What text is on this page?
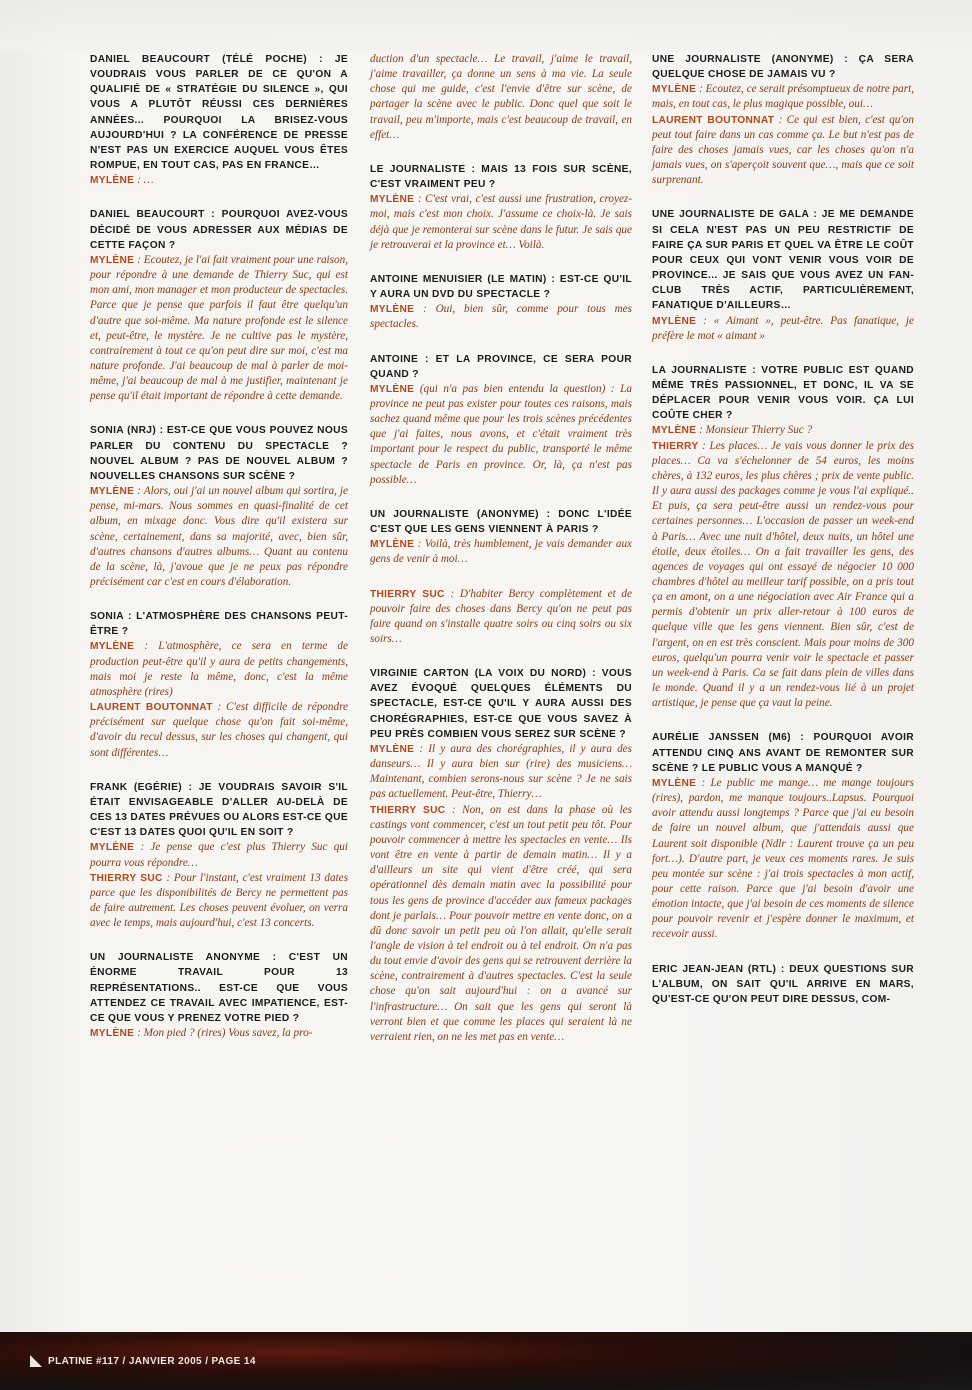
DANIEL BEAUCOURT (TÉLÉ POCHE) : JE VOUDRAIS VOUS PARLER DE CE QU'ON A QUALIFIÉ DE « STRATÉGIE DU SILENCE », QUI VOUS A PLUTÔT RÉUSSI CES DERNIÈRES ANNÉES... POURQUOI LA BRISEZ-VOUS AUJOURD'HUI ? LA CONFÉRENCE DE PRESSE N'EST PAS UN EXERCICE AUQUEL VOUS ÊTES ROMPUE, EN TOUT CAS, PAS EN FRANCE…

MYLÈNE : …

DANIEL BEAUCOURT : POURQUOI AVEZ-VOUS DÉCIDÉ DE VOUS ADRESSER AUX MÉDIAS DE CETTE FAÇON ?

MYLÈNE : Ecoutez, je l'ai fait vraiment pour une raison, pour répondre à une demande de Thierry Suc, qui est mon ami, mon manager et mon producteur de spectacles. Parce que je pense que parfois il faut être quelqu'un d'autre que soi-même. Ma nature profonde est le silence et, peut-être, le mystère. Je ne cultive pas le mystère, contrairement à tout ce qu'on peut dire sur moi, c'est ma nature profonde. J'ai beaucoup de mal à parler de moi-même, j'ai beaucoup de mal à me justifier, maintenant je pense qu'il était important de répondre à cette demande.

SONIA (NRJ) : EST-CE QUE VOUS POUVEZ NOUS PARLER DU CONTENU DU SPECTACLE ? NOUVEL ALBUM ? PAS DE NOUVEL ALBUM ? NOUVELLES CHANSONS SUR SCÈNE ?

MYLÈNE : Alors, oui j'ai un nouvel album qui sortira, je pense, mi-mars. Nous sommes en quasi-finalité de cet album, en mixage donc. Vous dire qu'il existera sur scène, certainement, dans sa majorité, avec, bien sûr, d'autres chansons d'autres albums… Quant au contenu de la scène, là, j'avoue que je ne peux pas répondre précisément car c'est en cours d'élaboration.

SONIA : L'ATMOSPHÈRE DES CHANSONS PEUT-ÊTRE ?

MYLÈNE : L'atmosphère, ce sera en terme de production peut-être qu'il y aura de petits changements, mais moi je reste la même, donc, c'est la même atmosphère (rires)

LAURENT BOUTONNAT : C'est difficile de répondre précisément sur quelque chose qu'on fait soi-même, d'avoir du recul dessus, sur les choses qui changent, qui sont différentes…

FRANK (EGÉRIE) : JE VOUDRAIS SAVOIR S'IL ÉTAIT ENVISAGEABLE D'ALLER AU-DELÀ DE CES 13 DATES PRÉVUES OU ALORS EST-CE QUE C'EST 13 DATES QUOI QU'IL EN SOIT ?

MYLÈNE : Je pense que c'est plus Thierry Suc qui pourra vous répondre…

THIERRY SUC : Pour l'instant, c'est vraiment 13 dates parce que les disponibilités de Bercy ne permettent pas de faire autrement. Les choses peuvent évoluer, on verra avec le temps, mais aujourd'hui, c'est 13 concerts.

UN JOURNALISTE ANONYME : C'EST UN ÉNORME TRAVAIL POUR 13 REPRÉSENTATIONS.. EST-CE QUE VOUS ATTENDEZ CE TRAVAIL AVEC IMPATIENCE, EST-CE QUE VOUS Y PRENEZ VOTRE PIED ?

MYLÈNE : Mon pied ? (rires) Vous savez, la pro-

duction d'un spectacle… Le travail, j'aime le travail, j'aime travailler, ça donne un sens à ma vie. La seule chose qui me guide, c'est l'envie d'être sur scène, de partager la scène avec le public. Donc quel que soit le travail, peu m'importe, mais c'est beaucoup de travail, en effet…

LE JOURNALISTE : MAIS 13 FOIS SUR SCÈNE, C'EST VRAIMENT PEU ?

MYLÈNE : C'est vrai, c'est aussi une frustration, croyez-moi, mais c'est mon choix. J'assume ce choix-là. Je sais déjà que je remonterai sur scène dans le futur. Je sais que je retrouverai et la province et… Voilà.

ANTOINE MENUISIER (LE MATIN) : EST-CE QU'IL Y AURA UN DVD DU SPECTACLE ?

MYLÈNE : Oui, bien sûr, comme pour tous mes spectacles.

ANTOINE : ET LA PROVINCE, CE SERA POUR QUAND ?

MYLÈNE (qui n'a pas bien entendu la question) : La province ne peut pas exister pour toutes ces raisons, mais sachez quand même que pour les trois scènes précédentes que j'ai faites, nous avons, et c'était vraiment très important pour le respect du public, transporté le même spectacle de Paris en province. Or, là, ça n'est pas possible…

UN JOURNALISTE (ANONYME) : DONC L'IDÉE C'EST QUE LES GENS VIENNENT À PARIS ?

MYLÈNE : Voilà, très humblement, je vais demander aux gens de venir à moi…

THIERRY SUC : D'habiter Bercy complètement et de pouvoir faire des choses dans Bercy qu'on ne peut pas faire quand on s'installe quatre soirs ou cinq soirs ou six soirs…

VIRGINIE CARTON (LA VOIX DU NORD) : VOUS AVEZ ÉVOQUÉ QUELQUES ÉLÉMENTS DU SPECTACLE, EST-CE QU'IL Y AURA AUSSI DES CHORÉGRAPHIES, EST-CE QUE VOUS SAVEZ À PEU PRÈS COMBIEN VOUS SEREZ SUR SCÈNE ?

MYLÈNE : Il y aura des chorégraphies, il y aura des danseurs… Il y aura bien sur (rire) des musiciens… Maintenant, combien serons-nous sur scène ? Je ne sais pas actuellement. Peut-être, Thierry…

THIERRY SUC : Non, on est dans la phase où les castings vont commencer, c'est un tout petit peu tôt. Pour pouvoir commencer à mettre les spectacles en vente… Ils vont être en vente à partir de demain matin… Il y a d'ailleurs un site qui vient d'être créé, qui sera opérationnel dès demain matin avec la possibilité pour tous les gens de province d'accéder aux fameux packages dont je parlais… Pour pouvoir mettre en vente donc, on a dû donc savoir un petit peu où l'on allait, qu'elle serait l'angle de vision à tel endroit ou à tel endroit. On n'a pas du tout envie d'avoir des gens qui se retrouvent derrière la scène, contrairement à d'autres spectacles. C'est la seule chose qu'on sait aujourd'hui : on a avancé sur l'infrastructure… On sait que les gens qui seront là verront bien et que comme les places qui seraient là ne verraient rien, on ne les met pas en vente…

UNE JOURNALISTE (ANONYME) : ÇA SERA QUELQUE CHOSE DE JAMAIS VU ?

MYLÈNE : Ecoutez, ce serait présomptueux de notre part, mais, en tout cas, le plus magique possible, oui…

LAURENT BOUTONNAT : Ce qui est bien, c'est qu'on peut tout faire dans un cas comme ça. Le but n'est pas de faire des choses jamais vues, car les choses qu'on n'a jamais vues, on s'aperçoit souvent que…, mais que ce soit surprenant.

UNE JOURNALISTE DE GALA : JE ME DEMANDE SI CELA N'EST PAS UN PEU RESTRICTIF DE FAIRE ÇA SUR PARIS ET QUEL VA ÊTRE LE COÛT POUR CEUX QUI VONT VENIR VOUS VOIR DE PROVINCE... JE SAIS QUE VOUS AVEZ UN FAN-CLUB TRÈS ACTIF, PARTICULIÈREMENT, FANATIQUE D'AILLEURS…

MYLÈNE : « Aimant », peut-être. Pas fanatique, je préfère le mot « aimant »

LA JOURNALISTE : VOTRE PUBLIC EST QUAND MÊME TRÈS PASSIONNEL, ET DONC, IL VA SE DÉPLACER POUR VENIR VOUS VOIR. ÇA LUI COÛTE CHER ?

MYLÈNE : Monsieur Thierry Suc ?

THIERRY : Les places… Je vais vous donner le prix des places… Ca va s'échelonner de 54 euros, les moins chères, à 132 euros, les plus chères ; prix de vente public. Il y aura aussi des packages comme je vous l'ai expliqué.. Et puis, ça sera peut-être aussi un rendez-vous pour certaines personnes… L'occasion de passer un week-end à Paris… Avec une nuit d'hôtel, deux nuits, un hôtel une étoile, deux étoiles… On a fait travailler les gens, des agences de voyages qui ont essayé de négocier 10 000 chambres d'hôtel au meilleur tarif possible, on a pris tout ça en amont, on a une négociation avec Air France qui a permis d'obtenir un prix aller-retour à 100 euros de quelque ville que les gens viennent. Bien sûr, c'est de l'argent, on en est très conscient. Mais pour moins de 300 euros, quelqu'un pourra venir voir le spectacle et passer un week-end à Paris. Ca se fait dans plein de villes dans le monde. Quand il y a un rendez-vous lié à un projet artistique, je pense que ça vaut la peine.

AURÉLIE JANSSEN (M6) : POURQUOI AVOIR ATTENDU CINQ ANS AVANT DE REMONTER SUR SCÈNE ? LE PUBLIC VOUS A MANQUÉ ?

MYLÈNE : Le public me mange… me mange toujours (rires), pardon, me manque toujours..Lapsus. Pourquoi avoir attendu aussi longtemps ? Parce que j'ai eu besoin de faire un nouvel album, que j'attendais aussi que Laurent soit disponible (Ndlr : Laurent trouve ça un peu fort…). D'autre part, je veux ces moments rares. Je suis peu montée sur scène : j'ai trois spectacles à mon actif, pour cette raison. Parce que j'ai besoin d'avoir une émotion intacte, que j'ai besoin de ces moments de silence pour pouvoir revenir et j'espère donner le maximum, et recevoir aussi.

ERIC JEAN-JEAN (RTL) : DEUX QUESTIONS SUR L'ALBUM, ON SAIT QU'IL ARRIVE EN MARS, QU'EST-CE QU'ON PEUT DIRE DESSUS, COM-

PLATINE #117 / JANVIER 2005 / PAGE 14
